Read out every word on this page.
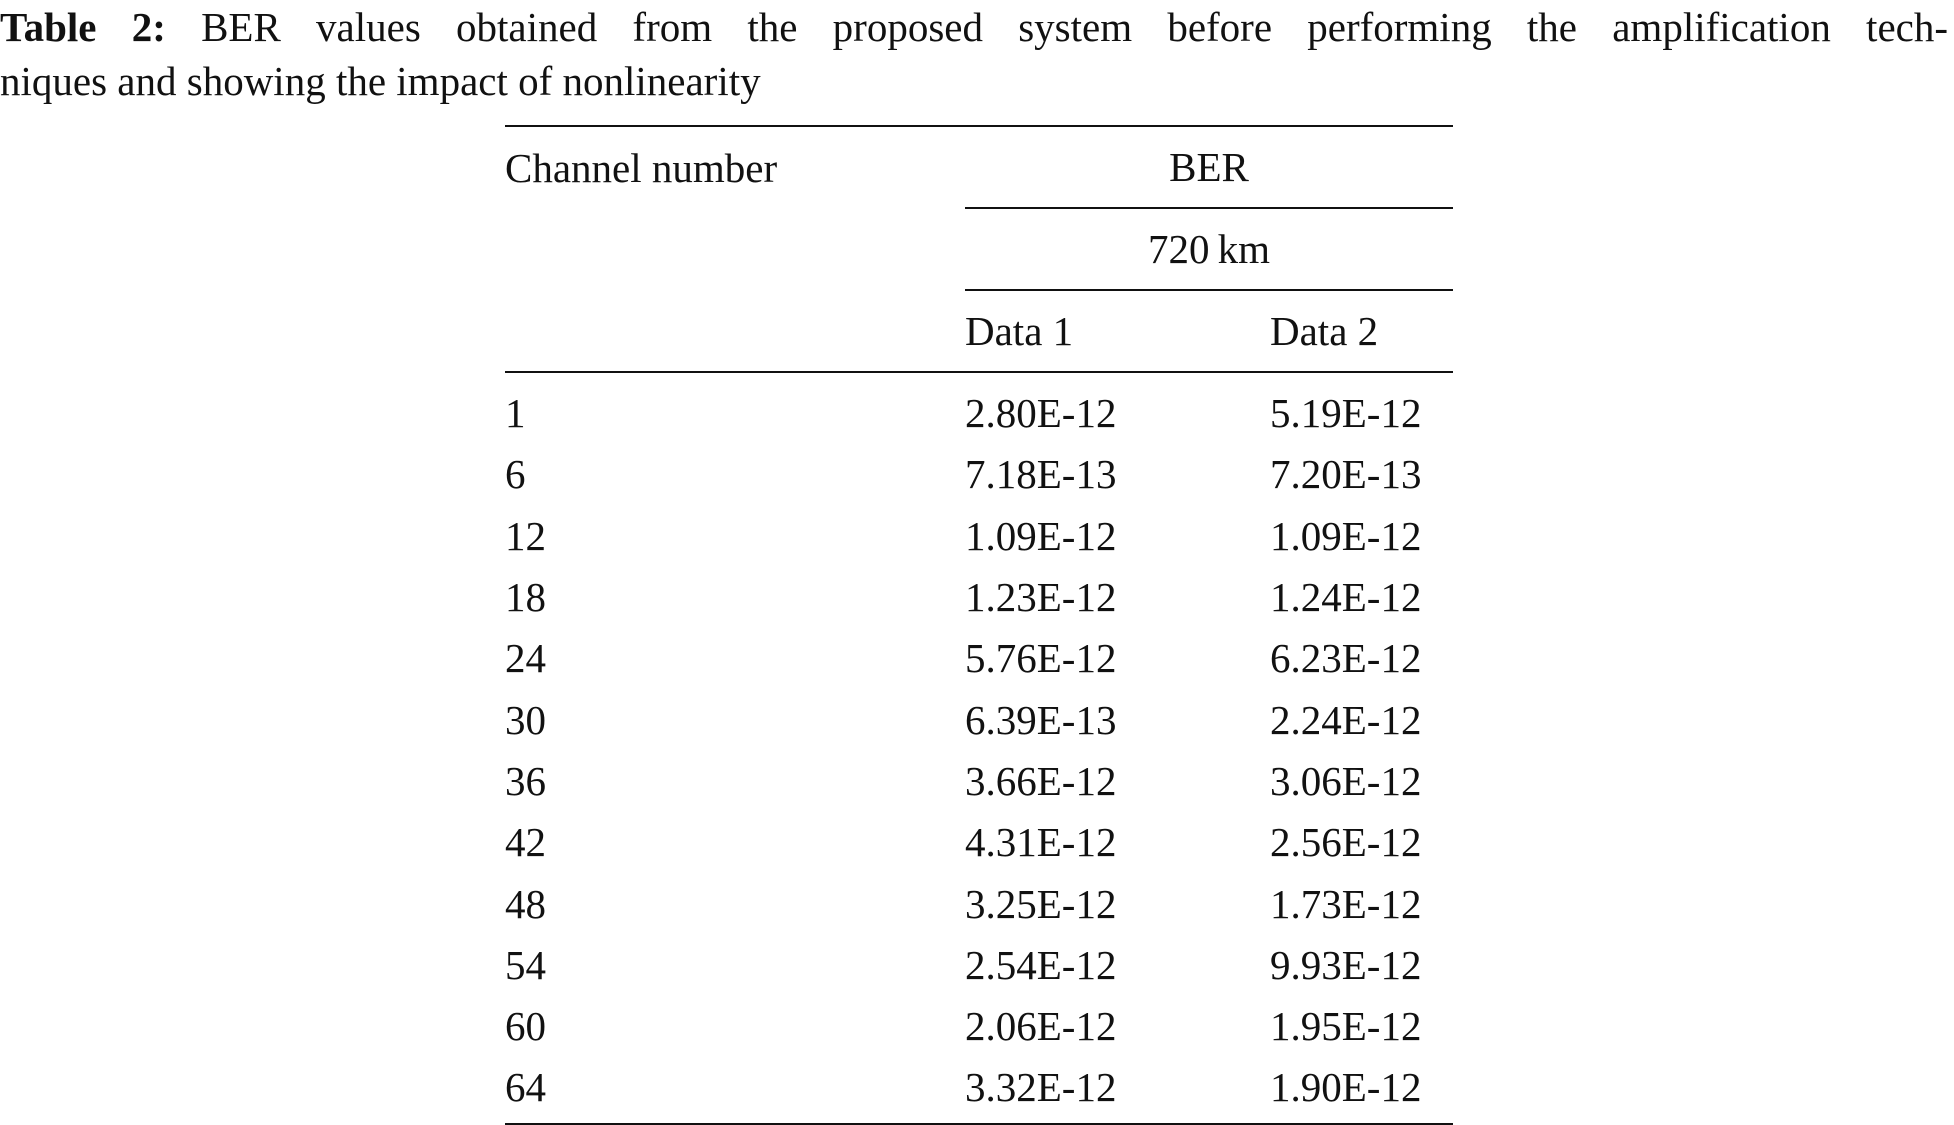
Table 2: BER values obtained from the proposed system before performing the amplification tech-
niques and showing the impact of nonlinearity
Channel number	BER	
	720 km	
	Data 1	Data 2
1	2.80E-12	5.19E-12
6	7.18E-13	7.20E-13
12	1.09E-12	1.09E-12
18	1.23E-12	1.24E-12
24	5.76E-12	6.23E-12
30	6.39E-13	2.24E-12
36	3.66E-12	3.06E-12
42	4.31E-12	2.56E-12
48	3.25E-12	1.73E-12
54	2.54E-12	9.93E-12
60	2.06E-12	1.95E-12
64	3.32E-12	1.90E-12
